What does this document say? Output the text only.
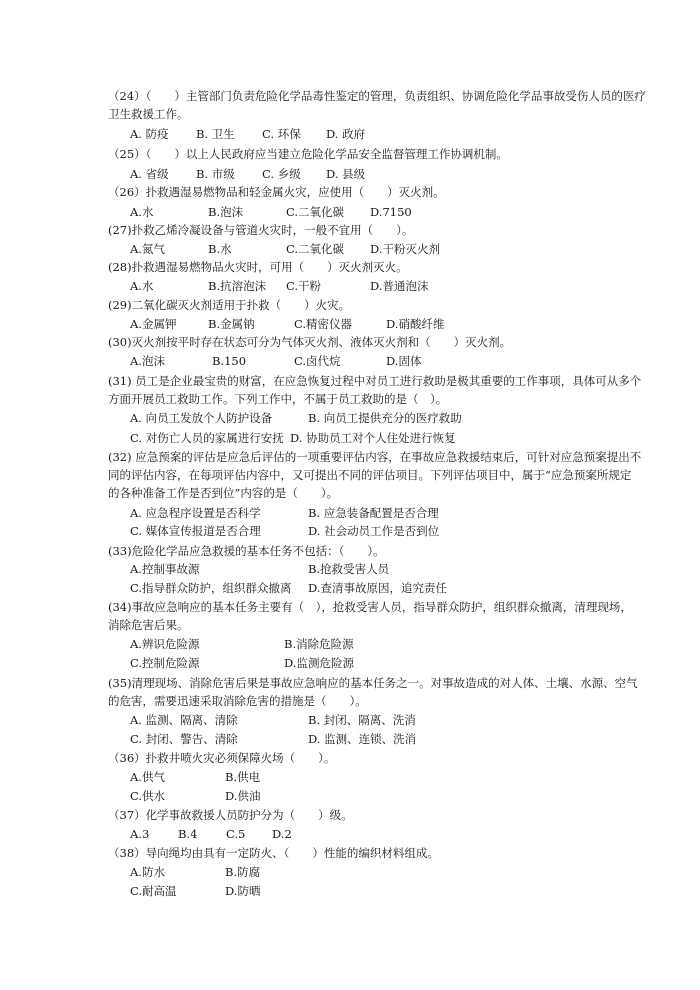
（24）（　　）主管部门负责危险化学品毒性鉴定的管理，负责组织、协调危险化学品事故受伤人员的医疗
卫生救援工作。
A. 防疫 B. 卫生 C. 环保 D. 政府
（25）（　　）以上人民政府应当建立危险化学品安全监督管理工作协调机制。
A. 省级 B. 市级 C. 乡级 D. 县级
（26）扑救遇湿易燃物品和轻金属火灾，应使用（　　）灭火剂。
A.水	B.泡沫	C.二氧化碳 D.7150
(27)扑救乙烯冷凝设备与管道火灾时，一般不宜用（　　）。
A.氮气	B.水	C.二氧化碳 D.干粉灭火剂
(28)扑救遇湿易燃物品火灾时，可用（　　）灭火剂灭火。
A.水	B.抗溶泡沫 C.干粉	D.普通泡沫
(29)二氧化碳灭火剂适用于扑救（　　）火灾。
A.金属钾	B.金属钠	C.精密仪器	D.硝酸纤维
(30)灭火剂按平时存在状态可分为气体灭火剂、液体灭火剂和（　　）灭火剂。
A.泡沫	B.150	C.卤代烷	D.固体
(31) 员工是企业最宝贵的财富，在应急恢复过程中对员工进行救助是极其重要的工作事项，具体可从多个
方面开展员工救助工作。下列工作中，不属于员工救助的是（　）。
A. 向员工发放个人防护设备	B. 向员工提供充分的医疗救助
C. 对伤亡人员的家属进行安抚 D. 协助员工对个人住处进行恢复
(32) 应急预案的评估是应急后评估的一项重要评估内容，在事故应急救援结束后，可针对应急预案提出不
同的评估内容，在每项评估内容中，又可提出不同的评估项目。下列评估项目中，属于“应急预案所规定
的各种准备工作是否到位”内容的是（　　）。
A. 应急程序设置是否科学	B. 应急装备配置是否合理
C. 媒体宣传报道是否合理	D. 社会动员工作是否到位
(33)危险化学品应急救援的基本任务不包括：（　　）。
A.控制事故源	B.抢救受害人员
C.指导群众防护，组织群众撤离 D.查清事故原因，追究责任
(34)事故应急响应的基本任务主要有（　），抢救受害人员，指导群众防护，组织群众撤离，清理现场，
消除危害后果。
A.辨识危险源	B.消除危险源
C.控制危险源	D.监测危险源
(35)清理现场、消除危害后果是事故应急响应的基本任务之一。对事故造成的对人体、土壤、水源、空气
的危害，需要迅速采取消除危害的措施是（　　）。
A. 监测、隔离、清除	B. 封闭、隔离、洗消
C. 封闭、警告、清除	D. 监测、连锁、洗消
（36）扑救井喷火灾必须保障火场（　　）。
A.供气	B.供电
C.供水	D.供油
（37）化学事故救援人员防护分为（　　）级。
A.3 B.4 C.5 D.2
（38）导向绳均由具有一定防火、（　　）性能的编织材料组成。
A.防水	B.防腐
C.耐高温	D.防晒
